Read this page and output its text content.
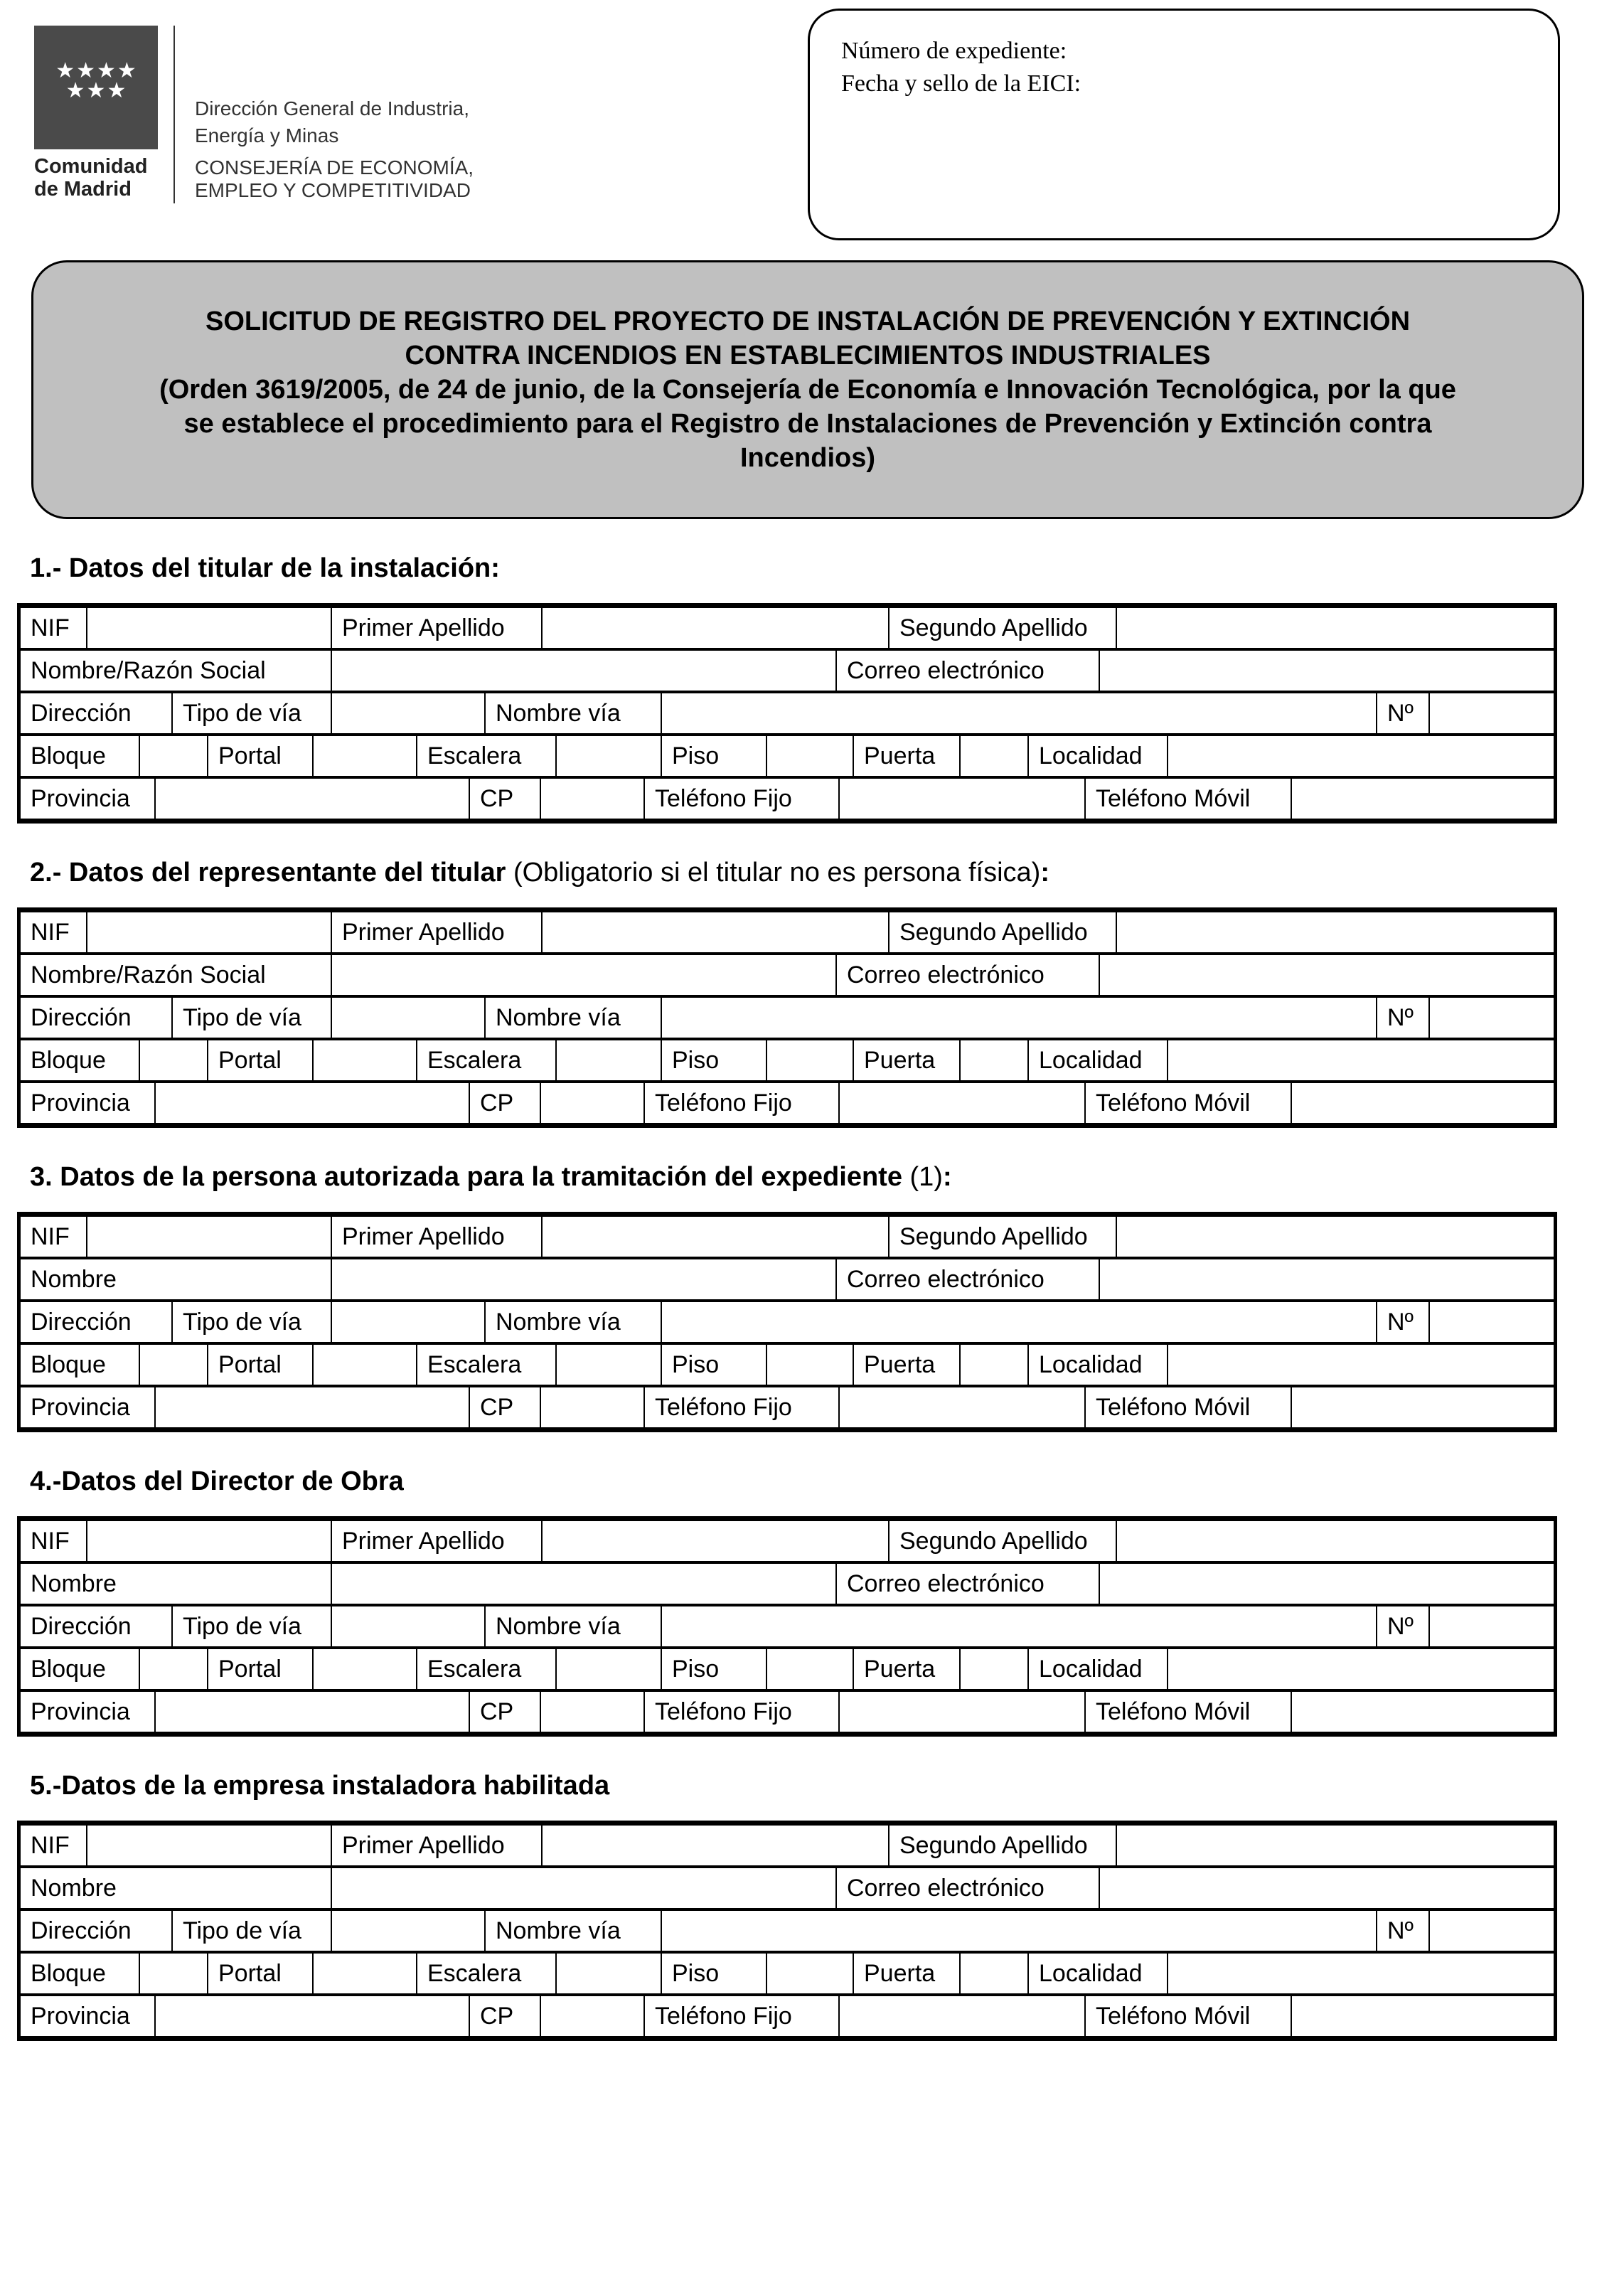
★★★★
★★★
Comunidad
de Madrid
Dirección General de Industria,
Energía y Minas
CONSEJERÍA DE ECONOMÍA,
EMPLEO Y COMPETITIVIDAD
Número de expediente:
Fecha y sello de la EICI:
SOLICITUD DE REGISTRO DEL PROYECTO DE INSTALACIÓN DE PREVENCIÓN Y EXTINCIÓN CONTRA INCENDIOS EN ESTABLECIMIENTOS INDUSTRIALES
(Orden 3619/2005, de 24 de junio, de la Consejería de Economía e Innovación Tecnológica, por la que se establece el procedimiento para el Registro de Instalaciones de Prevención y Extinción contra Incendios)
1.- Datos del titular de la instalación:
NIF	Primer Apellido	Segundo Apellido
Nombre/Razón Social	Correo electrónico
Dirección	Tipo de vía	Nombre vía	Nº
Bloque	Portal	Escalera	Piso	Puerta	Localidad
Provincia	CP	Teléfono Fijo	Teléfono Móvil
2.- Datos del representante del titular (Obligatorio si el titular no es persona física):
NIF	Primer Apellido	Segundo Apellido
Nombre/Razón Social	Correo electrónico
Dirección	Tipo de vía	Nombre vía	Nº
Bloque	Portal	Escalera	Piso	Puerta	Localidad
Provincia	CP	Teléfono Fijo	Teléfono Móvil
3. Datos de la persona autorizada para la tramitación del expediente (1):
NIF	Primer Apellido	Segundo Apellido
Nombre	Correo electrónico
Dirección	Tipo de vía	Nombre vía	Nº
Bloque	Portal	Escalera	Piso	Puerta	Localidad
Provincia	CP	Teléfono Fijo	Teléfono Móvil
4.-Datos del Director de Obra
NIF	Primer Apellido	Segundo Apellido
Nombre	Correo electrónico
Dirección	Tipo de vía	Nombre vía	Nº
Bloque	Portal	Escalera	Piso	Puerta	Localidad
Provincia	CP	Teléfono Fijo	Teléfono Móvil
5.-Datos de la empresa instaladora habilitada
NIF	Primer Apellido	Segundo Apellido
Nombre	Correo electrónico
Dirección	Tipo de vía	Nombre vía	Nº
Bloque	Portal	Escalera	Piso	Puerta	Localidad
Provincia	CP	Teléfono Fijo	Teléfono Móvil
